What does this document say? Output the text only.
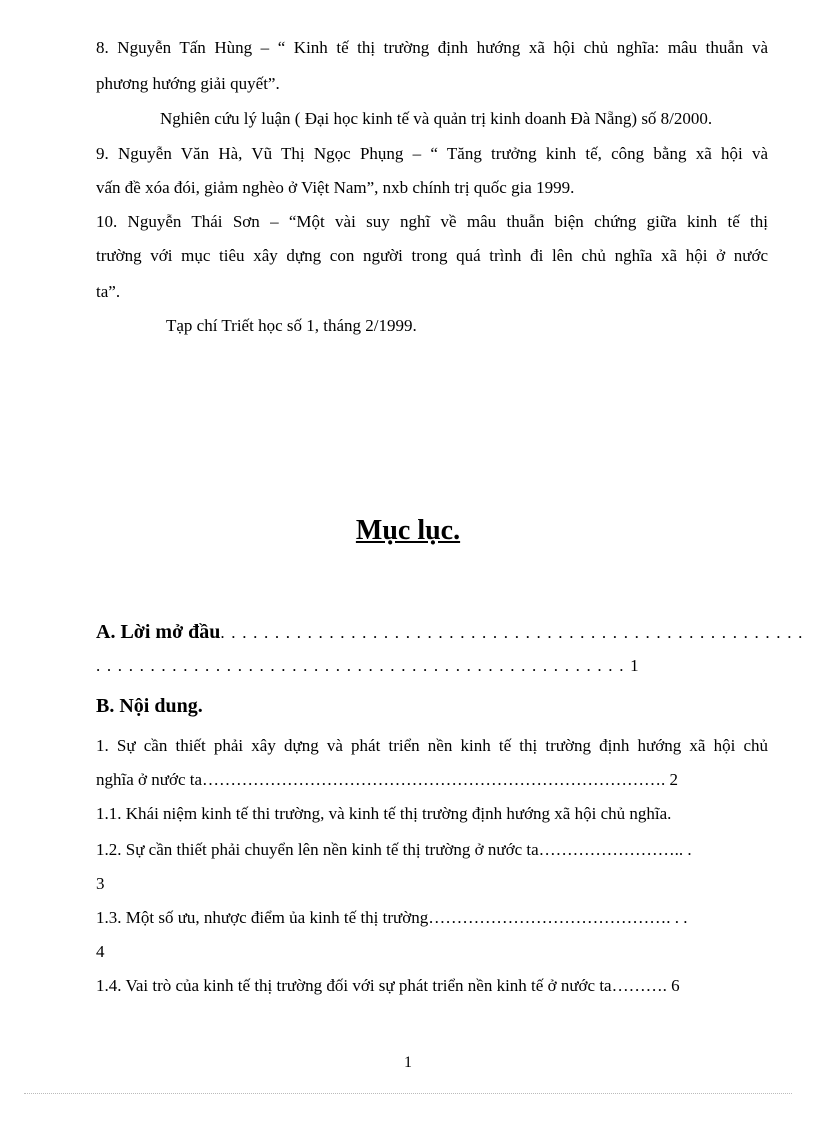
8. Nguyễn Tấn Hùng – “ Kinh tế thị trường định hướng xã hội chủ nghĩa: mâu thuẫn và
phương hướng giải quyết”.
Nghiên cứu lý luận ( Đại học kinh tế và quản trị kinh doanh Đà Nẵng) số 8/2000.
9. Nguyễn Văn Hà, Vũ Thị Ngọc Phụng – “ Tăng trưởng kinh tế, công bằng xã hội và
vấn đề xóa đói, giảm nghèo ở Việt Nam”, nxb chính trị quốc gia 1999.
10. Nguyễn Thái Sơn – “Một vài suy nghĩ về mâu thuẫn biện chứng giữa kinh tế thị
trường với mục tiêu xây dựng con người trong quá trình đi lên chủ nghĩa xã hội ở nước
ta”.
Tạp chí Triết học số 1, tháng 2/1999.
Mục lục.
A. Lời mở đầu. . . . . . . . . . . . . . . . . . . . . . . . . . . . . . . . . . . . . . . . . . . . . . . . . . . . . .
. . . . . . . . . . . . . . . . . . . . . . . . . . . . . . . . . . . . . . . . . . . . . . . . . 1
B. Nội dung.
1. Sự cần thiết phải xây dựng và phát triển nền kinh tế thị trường định hướng xã hội chủ
nghĩa ở nước ta………………………………………………………………………. 2
1.1. Khái niệm kinh tế thi trường, và kinh tế thị trường định hướng xã hội chủ nghĩa.
1.2. Sự cần thiết phải chuyển lên nền kinh tế thị trường ở nước ta…………………….. .
3
1.3. Một số ưu, nhược điểm ủa kinh tế thị trường……………………………………. . .
4
1.4. Vai trò của kinh tế thị trường đối với sự phát triển nền kinh tế ở nước ta………. 6
1
